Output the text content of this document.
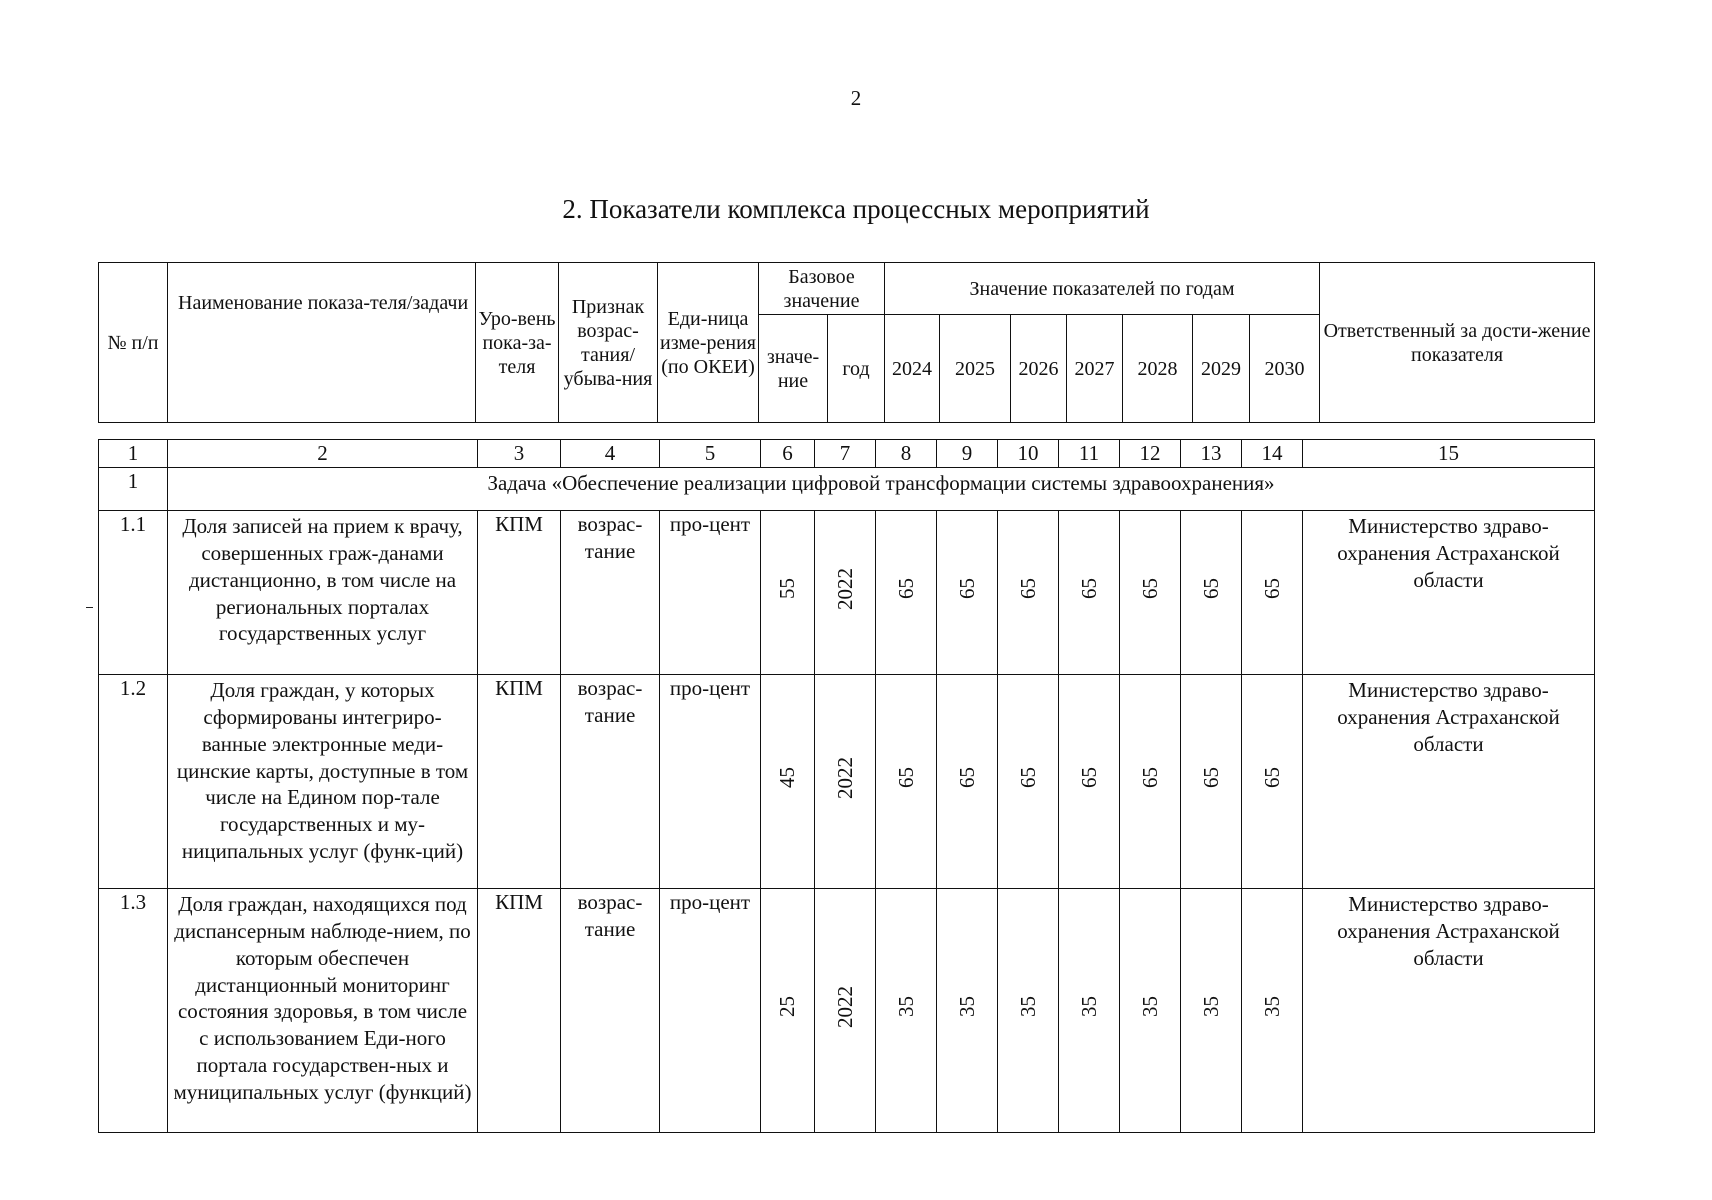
2
2. Показатели комплекса процессных мероприятий
№ п/п	Наименование показа-теля/задачи	Уро-вень пока-за-теля	Признак возрас-тания/ убыва-ния	Еди-ница изме-рения (по ОКЕИ)	Базовое значение		Значение показателей по годам							Ответственный за дости-жение показателя
					значе-ние	год	2024	2025	2026	2027	2028	2029	2030	
1	2	3	4	5	6	7	8	9	10	11	12	13	14	15
1	Задача «Обеспечение реализации цифровой трансформации системы здравоохранения»													
1.1	Доля записей на прием к врачу, совершенных граж-данами дистанционно, в том числе на региональных порталах государственных услуг	КПМ	возрас-тание	про-цент	55	2022	65	65	65	65	65	65	65	Министерство здраво-охранения Астраханской области
1.2	Доля граждан, у которых сформированы интегриро-ванные электронные меди-цинские карты, доступные в том числе на Едином пор-тале государственных и му-ниципальных услуг (функ-ций)	КПМ	возрас-тание	про-цент	45	2022	65	65	65	65	65	65	65	Министерство здраво-охранения Астраханской области
1.3	Доля граждан, находящихся под диспансерным наблюде-нием, по которым обеспечен дистанционный мониторинг состояния здоровья, в том числе с использованием Еди-ного портала государствен-ных и муниципальных услуг (функций)	КПМ	возрас-тание	про-цент	25	2022	35	35	35	35	35	35	35	Министерство здраво-охранения Астраханской области
